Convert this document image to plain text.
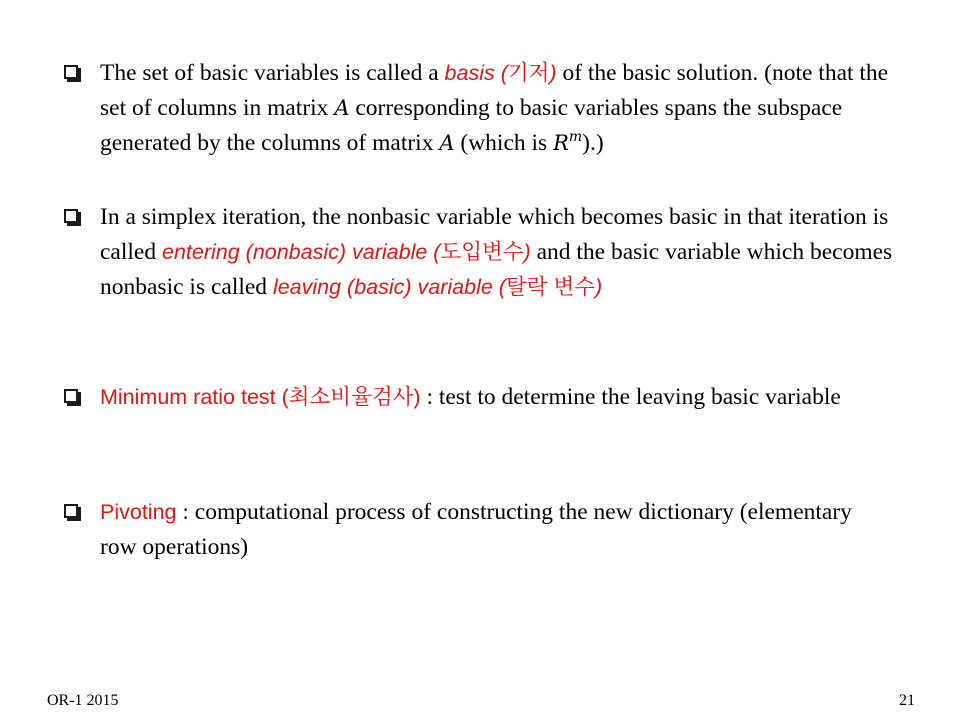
The set of basic variables is called a basis (기저) of the basic solution. (note that the set of columns in matrix A corresponding to basic variables spans the subspace generated by the columns of matrix A (which is $R^m$).)
In a simplex iteration, the nonbasic variable which becomes basic in that iteration is called entering (nonbasic) variable (도입변수) and the basic variable which becomes nonbasic is called leaving (basic) variable (탈락 변수)
Minimum ratio test (최소비율검사) : test to determine the leaving basic variable
Pivoting : computational process of constructing the new dictionary (elementary row operations)
OR-1 2015	21
